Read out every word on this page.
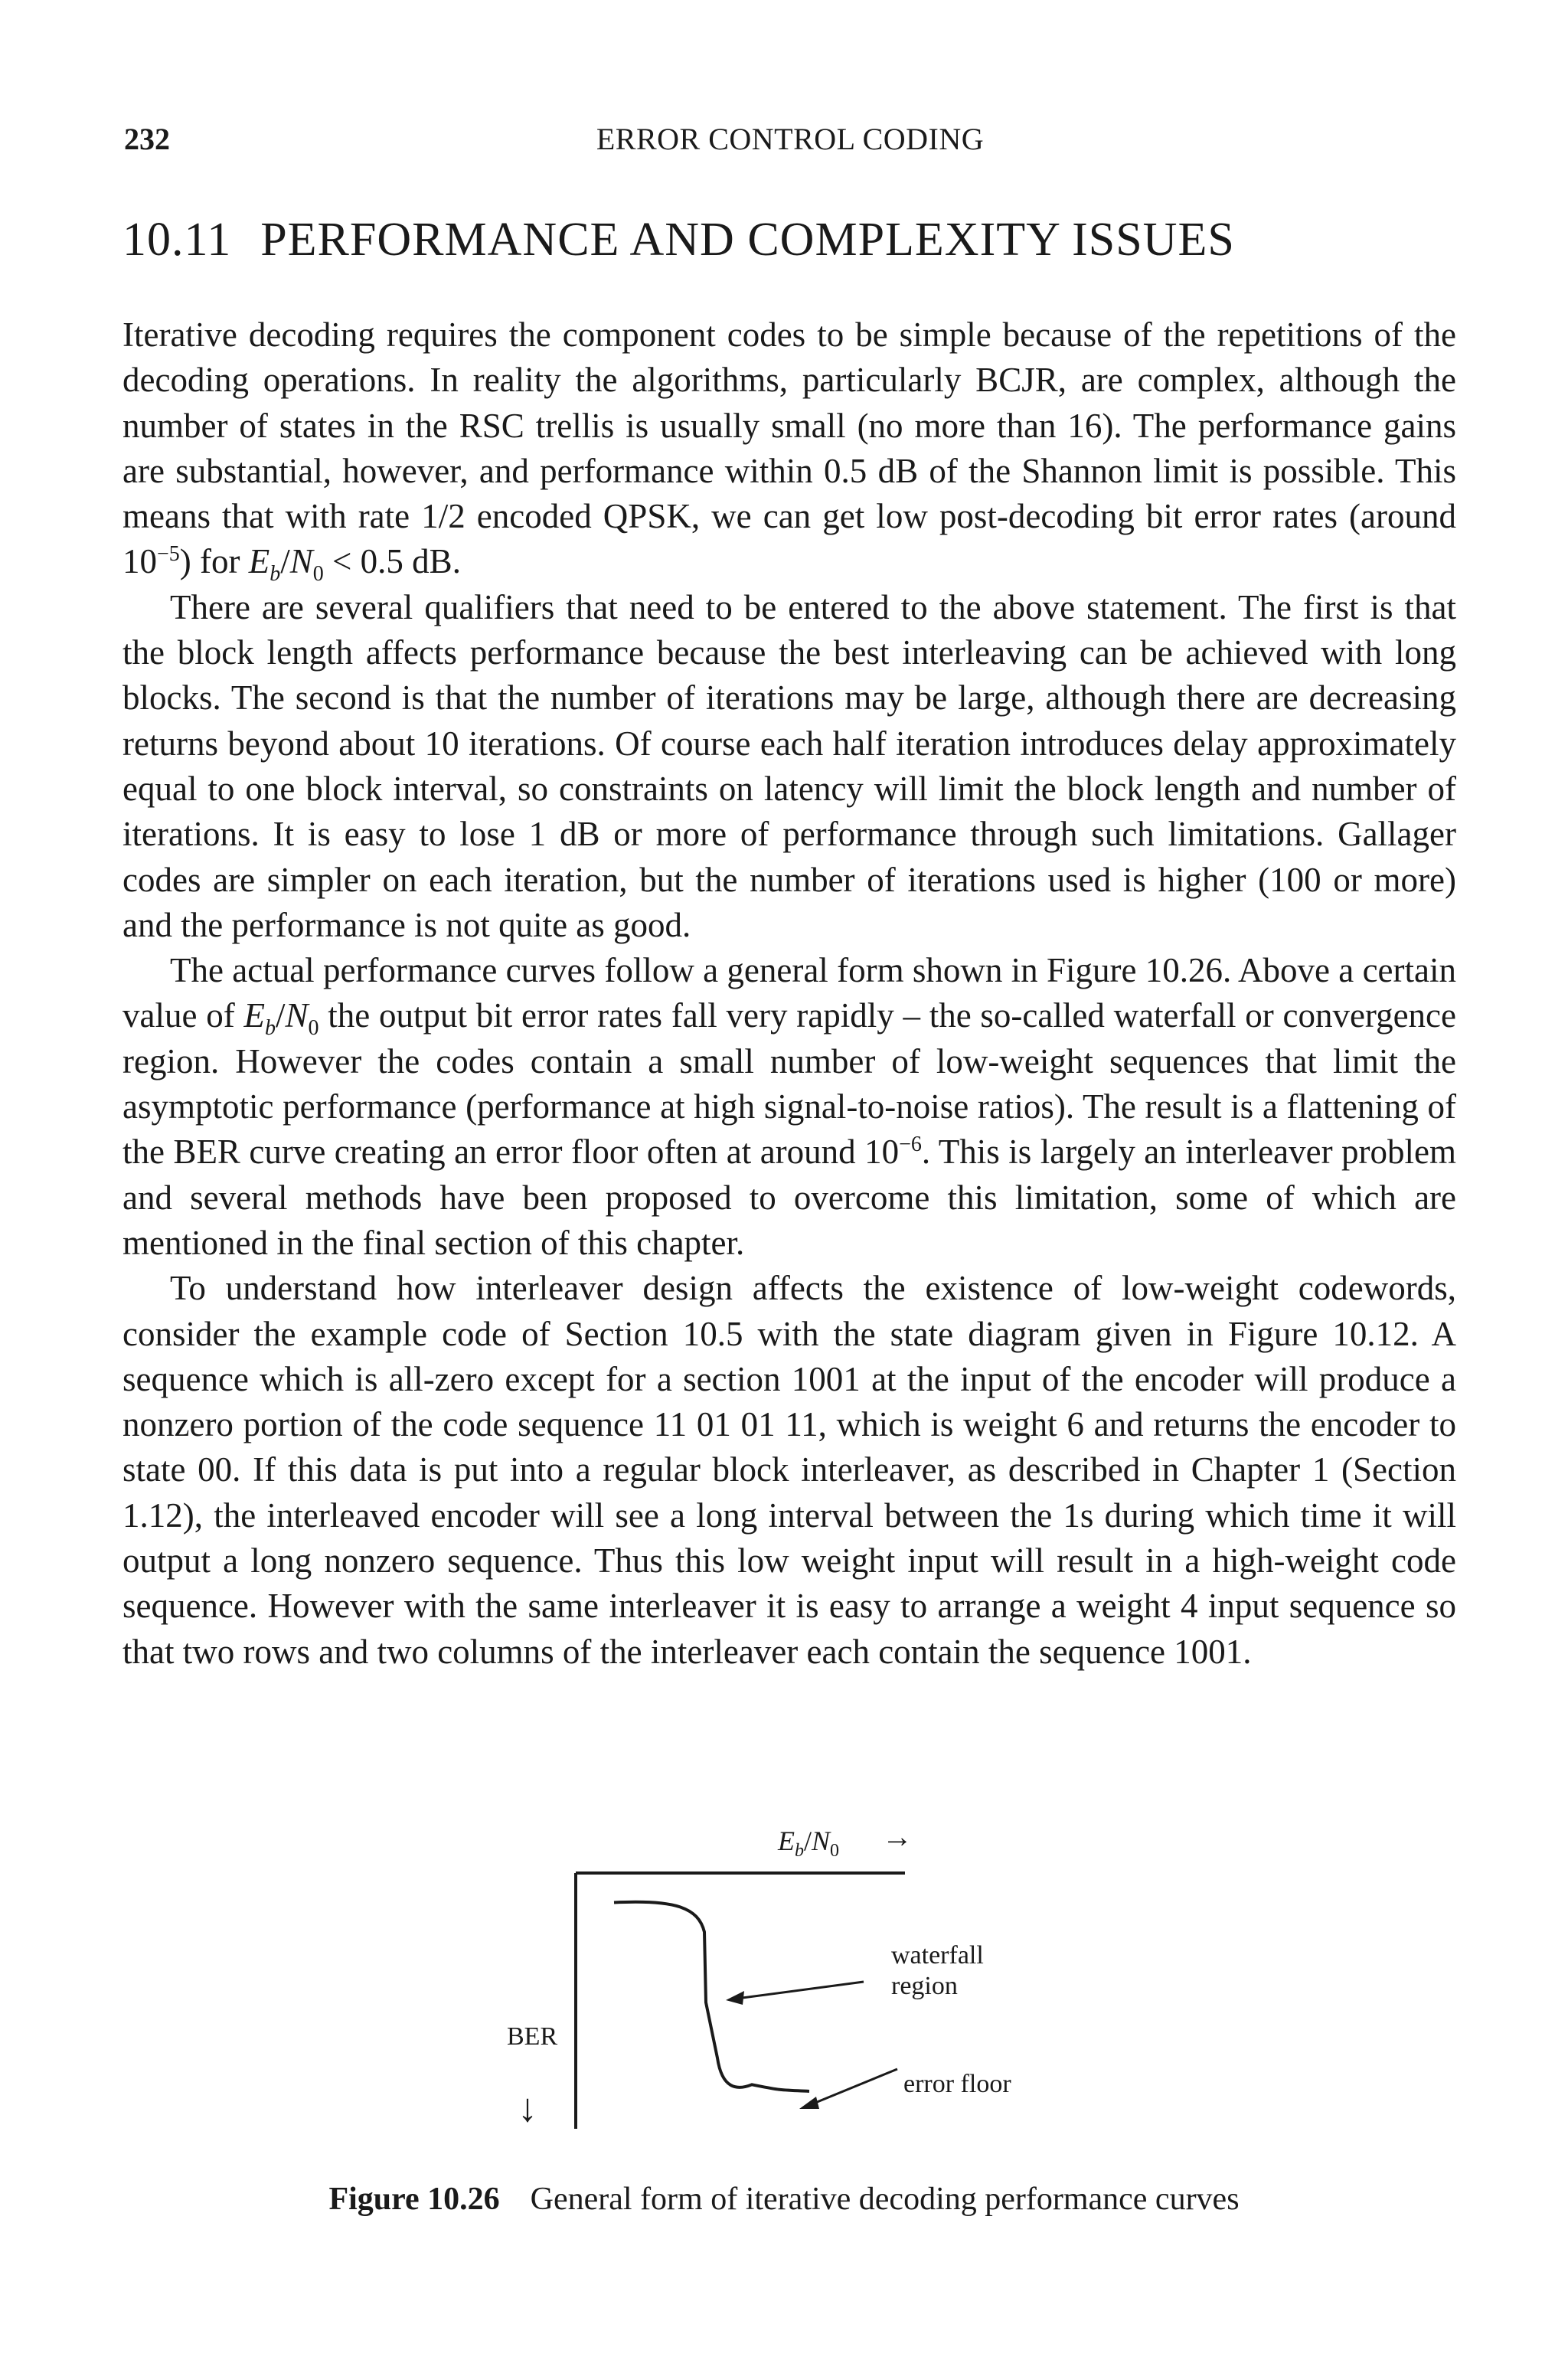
232	ERROR CONTROL CODING
10.11 PERFORMANCE AND COMPLEXITY ISSUES

Iterative decoding requires the component codes to be simple because of the repetitions of the decoding operations. In reality the algorithms, particularly BCJR, are complex, although the number of states in the RSC trellis is usually small (no more than 16). The performance gains are substantial, however, and performance within 0.5 dB of the Shannon limit is possible. This means that with rate 1/2 encoded QPSK, we can get low post-decoding bit error rates (around $10^{-5}$) for $E_b/N_0 < 0.5$ dB.

There are several qualifiers that need to be entered to the above statement. The first is that the block length affects performance because the best interleaving can be achieved with long blocks. The second is that the number of iterations may be large, although there are decreasing returns beyond about 10 iterations. Of course each half iteration introduces delay approximately equal to one block interval, so constraints on latency will limit the block length and number of iterations. It is easy to lose 1 dB or more of performance through such limitations. Gallager codes are simpler on each iteration, but the number of iterations used is higher (100 or more) and the performance is not quite as good.

The actual performance curves follow a general form shown in Figure 10.26. Above a certain value of $E_b/N_0$ the output bit error rates fall very rapidly – the so-called waterfall or convergence region. However the codes contain a small number of low-weight sequences that limit the asymptotic performance (performance at high signal-to-noise ratios). The result is a flattening of the BER curve creating an error floor often at around $10^{-6}$. This is largely an interleaver problem and several methods have been proposed to overcome this limitation, some of which are mentioned in the final section of this chapter.

To understand how interleaver design affects the existence of low-weight codewords, consider the example code of Section 10.5 with the state diagram given in Figure 10.12. A sequence which is all-zero except for a section 1001 at the input of the encoder will produce a nonzero portion of the code sequence 11 01 01 11, which is weight 6 and returns the encoder to state 00. If this data is put into a regular block interleaver, as described in Chapter 1 (Section 1.12), the interleaved encoder will see a long interval between the 1s during which time it will output a long nonzero sequence. Thus this low weight input will result in a high-weight code sequence. However with the same interleaver it is easy to arrange a weight 4 input sequence so that two rows and two columns of the interleaver each contain the sequence 1001.

$E_b/N_0$ →
BER
↓
waterfall
region
error floor
Figure 10.26 General form of iterative decoding performance curves
